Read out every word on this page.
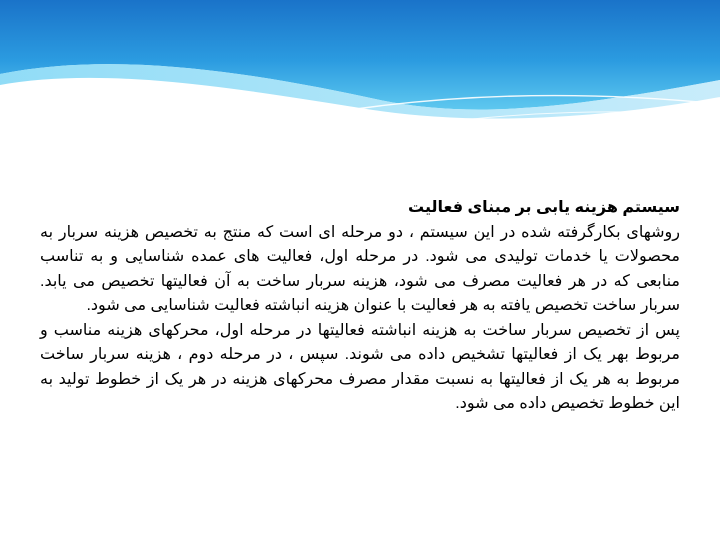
سیستم هزینه یابی بر مبنای فعالیت

روشهای بکارگرفته شده در این سیستم ، دو مرحله ای است که منتج به تخصیص هزینه سربار به محصولات یا خدمات تولیدی می شود. در مرحله اول، فعالیت های عمده شناسایی و به تناسب منابعی که در هر فعالیت مصرف می شود، هزینه سربار ساخت به آن فعالیتها تخصیص می یابد. سربار ساخت تخصیص یافته به هر فعالیت با عنوان هزینه انباشته فعالیت شناسایی می شود.

پس از تخصیص سربار ساخت به هزینه انباشته فعالیتها در مرحله اول، محرکهای هزینه مناسب و مربوط بهر یک از فعالیتها تشخیص داده می شوند. سپس ، در مرحله دوم ، هزینه سربار ساخت مربوط به هر یک از فعالیتها به نسبت مقدار مصرف محرکهای هزینه در هر یک از خطوط تولید به این خطوط تخصیص داده می شود.
